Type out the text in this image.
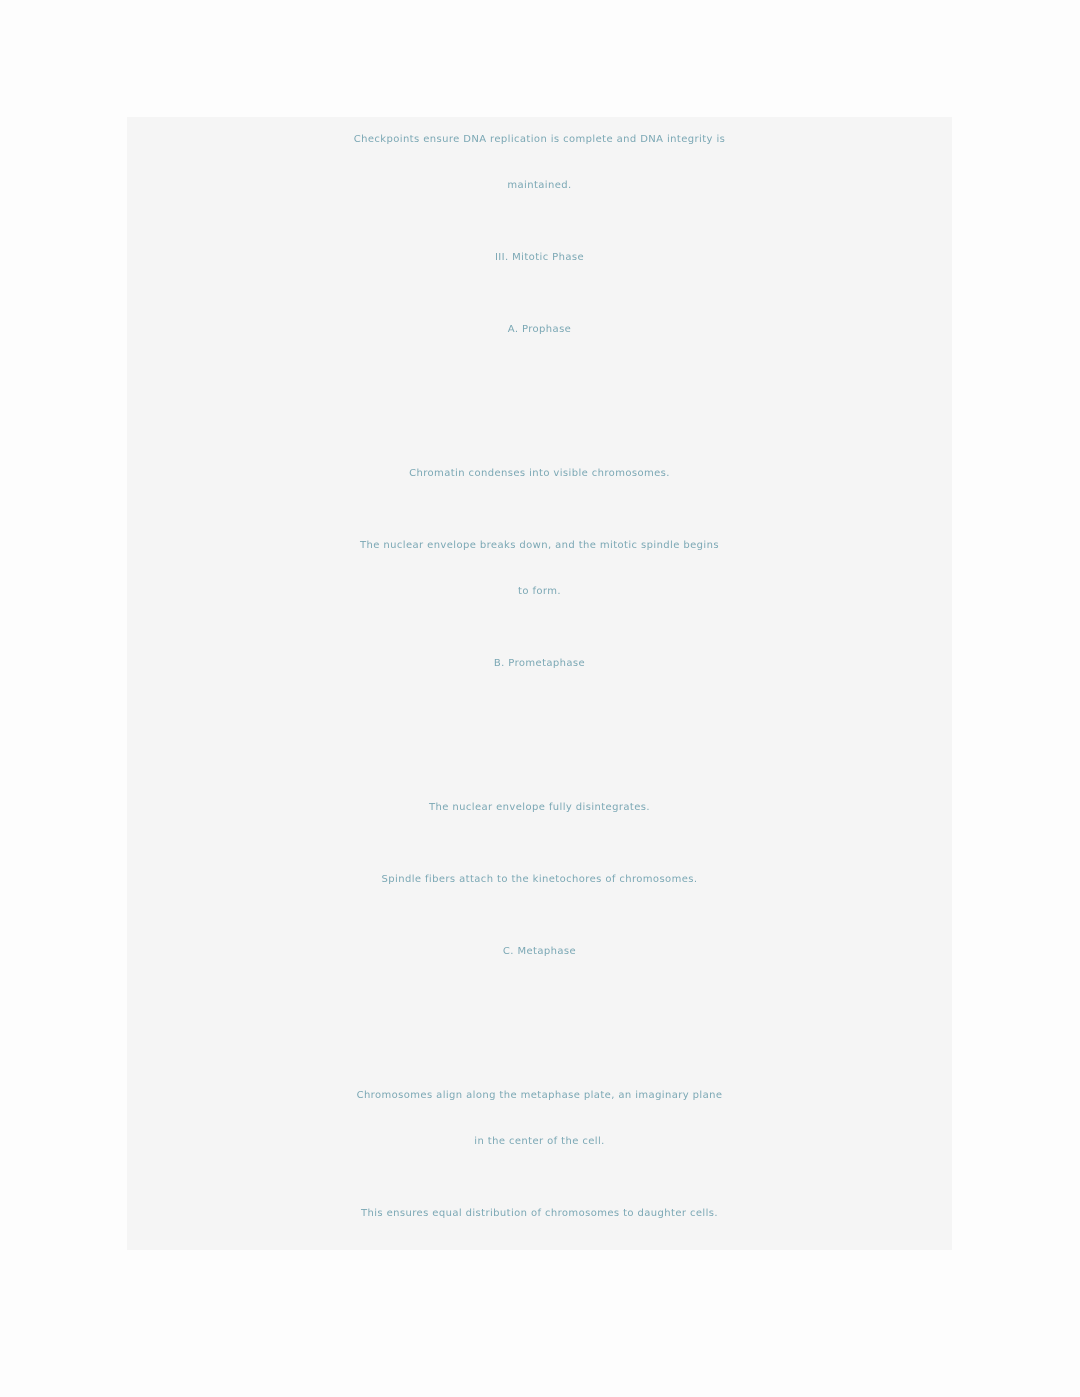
Checkpoints ensure DNA replication is complete and DNA integrity is

maintained.

III. Mitotic Phase
A. Prophase

Chromatin condenses into visible chromosomes.

The nuclear envelope breaks down, and the mitotic spindle begins

to form.

B. Prometaphase

The nuclear envelope fully disintegrates.

Spindle fibers attach to the kinetochores of chromosomes.

C. Metaphase

Chromosomes align along the metaphase plate, an imaginary plane

in the center of the cell.

This ensures equal distribution of chromosomes to daughter cells.
